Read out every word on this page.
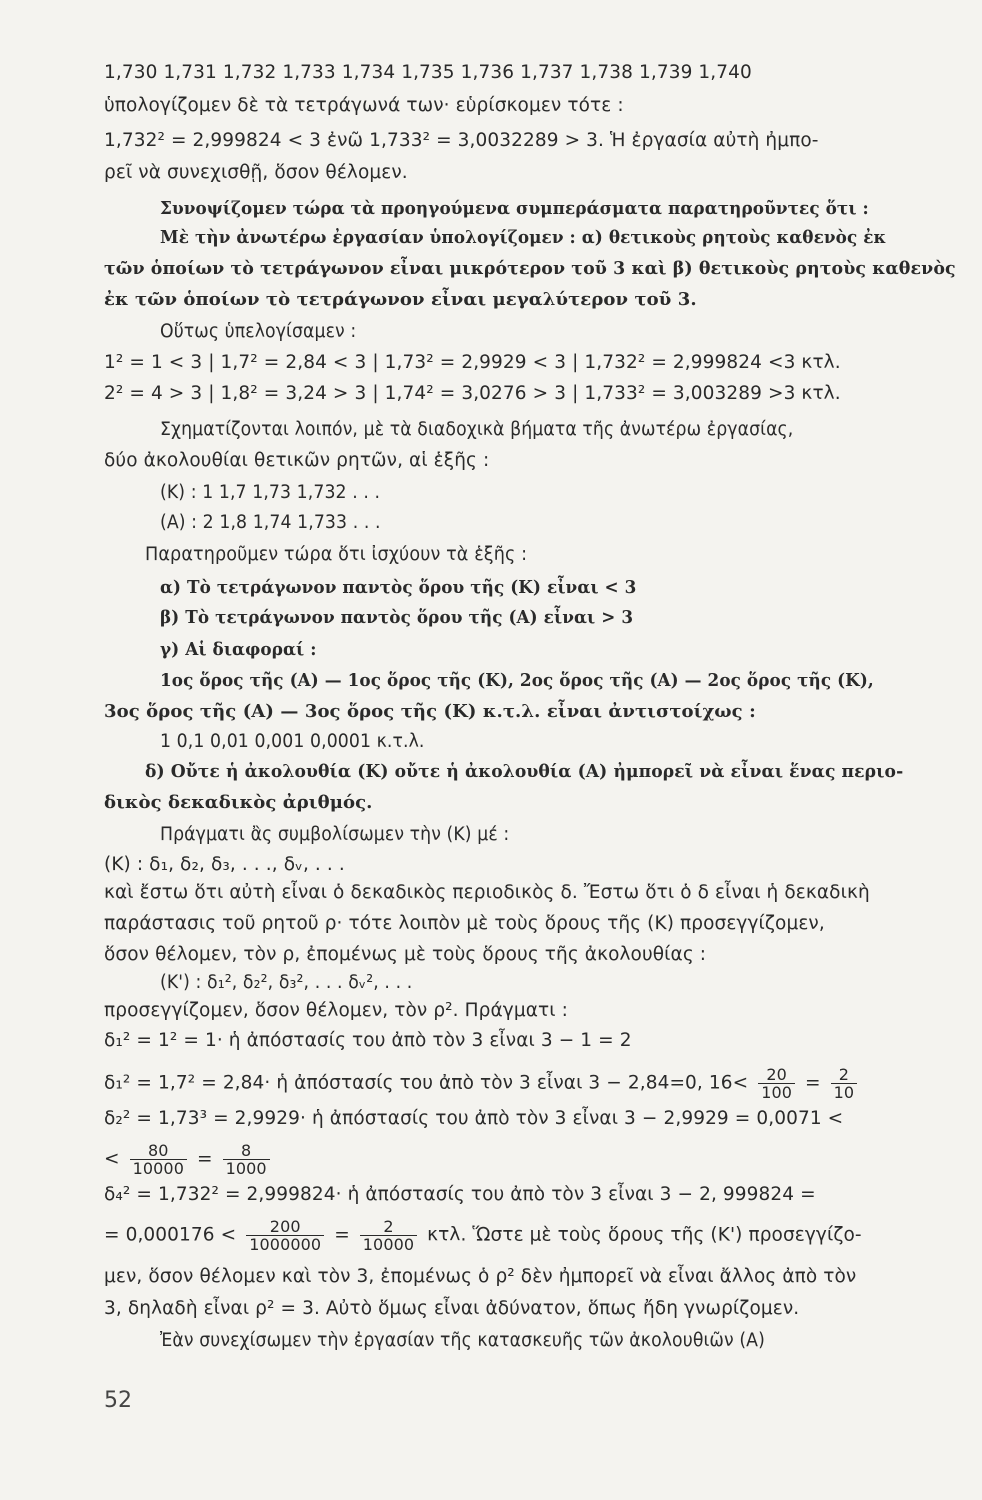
1,730 1,731 1,732 1,733 1,734 1,735 1,736 1,737 1,738 1,739 1,740
ὑπολογίζομεν δὲ τὰ τετράγωνά των· εὑρίσκομεν τότε :
1,732² = 2,999824 < 3 ἐνῶ 1,733² = 3,0032289 > 3. Ἡ ἐργασία αὐτὴ ἠμπο-
ρεῖ νὰ συνεχισθῇ, ὅσον θέλομεν.
Συνοψίζομεν τώρα τὰ προηγούμενα συμπεράσματα παρατηροῦντες ὅτι :
Μὲ τὴν ἀνωτέρω ἐργασίαν ὑπολογίζομεν : α) θετικοὺς ρητοὺς καθενὸς ἐκ
τῶν ὁποίων τὸ τετράγωνον εἶναι μικρότερον τοῦ 3 καὶ β) θετικοὺς ρητοὺς καθενὸς
ἐκ τῶν ὁποίων τὸ τετράγωνον εἶναι μεγαλύτερον τοῦ 3.
Οὕτως ὑπελογίσαμεν :
1² = 1 < 3 | 1,7² = 2,84 < 3 | 1,73² = 2,9929 < 3 | 1,732² = 2,999824 <3 κτλ.
2² = 4 > 3 | 1,8² = 3,24 > 3 | 1,74² = 3,0276 > 3 | 1,733² = 3,003289 >3 κτλ.
Σχηματίζονται λοιπόν, μὲ τὰ διαδοχικὰ βήματα τῆς ἀνωτέρω ἐργασίας,
δύο ἀκολουθίαι θετικῶν ρητῶν, αἱ ἑξῆς :
(Κ) : 1 1,7 1,73 1,732 . . .
(Α) : 2 1,8 1,74 1,733 . . .
Παρατηροῦμεν τώρα ὅτι ἰσχύουν τὰ ἑξῆς :
α) Τὸ τετράγωνον παντὸς ὅρου τῆς (Κ) εἶναι < 3
β) Τὸ τετράγωνον παντὸς ὅρου τῆς (Α) εἶναι > 3
γ) Αἱ διαφοραί :
1ος ὅρος τῆς (Α) — 1ος ὅρος τῆς (Κ), 2ος ὅρος τῆς (Α) — 2ος ὅρος τῆς (Κ),
3ος ὅρος τῆς (Α) — 3ος ὅρος τῆς (Κ) κ.τ.λ. εἶναι ἀντιστοίχως :
1 0,1 0,01 0,001 0,0001 κ.τ.λ.
δ) Οὔτε ἡ ἀκολουθία (Κ) οὔτε ἡ ἀκολουθία (Α) ἠμπορεῖ νὰ εἶναι ἕνας περιο-
δικὸς δεκαδικὸς ἀριθμός.
Πράγματι ἂς συμβολίσωμεν τὴν (Κ) μέ :
(Κ) : δ₁, δ₂, δ₃, . . ., δᵥ, . . .
καὶ ἔστω ὅτι αὐτὴ εἶναι ὁ δεκαδικὸς περιοδικὸς δ. Ἔστω ὅτι ὁ δ εἶναι ἡ δεκαδικὴ
παράστασις τοῦ ρητοῦ ρ· τότε λοιπὸν μὲ τοὺς ὅρους τῆς (Κ) προσεγγίζομεν,
ὅσον θέλομεν, τὸν ρ, ἐπομένως μὲ τοὺς ὅρους τῆς ἀκολουθίας :
(Κ') : δ₁², δ₂², δ₃², . . . δᵥ², . . .
προσεγγίζομεν, ὅσον θέλομεν, τὸν ρ². Πράγματι :
δ₁² = 1² = 1· ἡ ἀπόστασίς του ἀπὸ τὸν 3 εἶναι 3 − 1 = 2
δ₁² = 1,7² = 2,84· ἡ ἀπόστασίς του ἀπὸ τὸν 3 εἶναι 3 − 2,84=0, $16< \frac{20}{100} = \frac{2}{10}$
δ₂² = 1,73³ = 2,9929· ἡ ἀπόστασίς του ἀπὸ τὸν 3 εἶναι 3 − 2,9929 = 0,0071 <
< $\frac{80}{10000} = \frac{8}{1000}$
δ₄² = 1,732² = 2,999824· ἡ ἀπόστασίς του ἀπὸ τὸν 3 εἶναι 3 − 2, 999824 =
= $0,000176 < \frac{200}{1000000} = \frac{2}{10000} \kappa\tau\lambda$. Ὥστε μὲ τοὺς ὅρους τῆς (Κ') προσεγγίζο-
μεν, ὅσον θέλομεν καὶ τὸν 3, ἐπομένως ὁ ρ² δὲν ἠμπορεῖ νὰ εἶναι ἄλλος ἀπὸ τὸν
3, δηλαδὴ εἶναι ρ² = 3. Αὐτὸ ὅμως εἶναι ἀδύνατον, ὅπως ἤδη γνωρίζομεν.
Ἐὰν συνεχίσωμεν τὴν ἐργασίαν τῆς κατασκευῆς τῶν ἀκολουθιῶν (Α)
52
